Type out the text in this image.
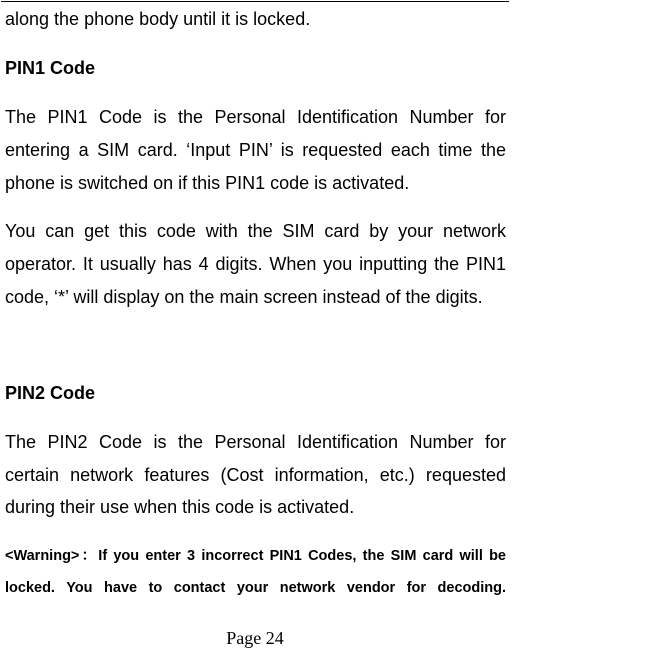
along the phone body until it is locked.
PIN1 Code
The PIN1 Code is the Personal Identification Number for
entering a SIM card. ‘Input PIN’ is requested each time the
phone is switched on if this PIN1 code is activated.
You can get this code with the SIM card by your network
operator. It usually has 4 digits. When you inputting the PIN1
code, ‘*’ will display on the main screen instead of the digits.
PIN2 Code
The PIN2 Code is the Personal Identification Number for
certain network features (Cost information, etc.) requested
during their use when this code is activated.
<Warning>：If you enter 3 incorrect PIN1 Codes, the SIM card will be
locked. You have to contact your network vendor for decoding.
Page 24
